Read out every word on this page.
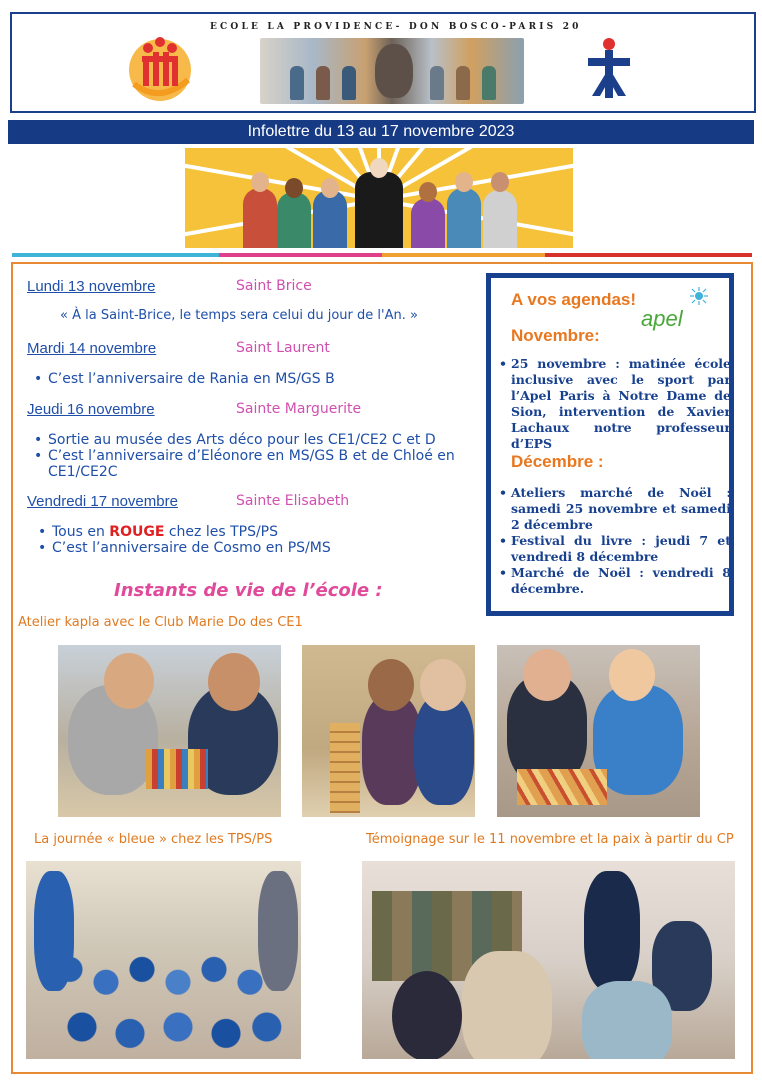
ECOLE LA PROVIDENCE- DON BOSCO-PARIS 20
Infolettre du 13 au 17 novembre 2023
Lundi 13 novembre	Saint Brice
« À la Saint-Brice, le temps sera celui du jour de l'An. »
Mardi 14 novembre	Saint Laurent
• C’est l’anniversaire de Rania en MS/GS B
Jeudi 16 novembre	Sainte Marguerite
• Sortie au musée des Arts déco pour les CE1/CE2 C et D
• C’est l’anniversaire d’Eléonore en MS/GS B et de Chloé en CE1/CE2C
Vendredi 17 novembre	Sainte Elisabeth
• Tous en ROUGE chez les TPS/PS
• C’est l’anniversaire de Cosmo en PS/MS
A vos agendas!
apel
Novembre:
• 25 novembre : matinée école inclusive avec le sport par l’Apel Paris à Notre Dame de Sion, intervention de Xavier Lachaux notre professeur d’EPS
Décembre :
• Ateliers marché de Noël : samedi 25 novembre et samedi 2 décembre
• Festival du livre : jeudi 7 et vendredi 8 décembre
• Marché de Noël : vendredi 8 décembre.
Instants de vie de l’école :
Atelier kapla avec le Club Marie Do des CE1
La journée « bleue » chez les TPS/PS	Témoignage sur le 11 novembre et la paix à partir du CP
